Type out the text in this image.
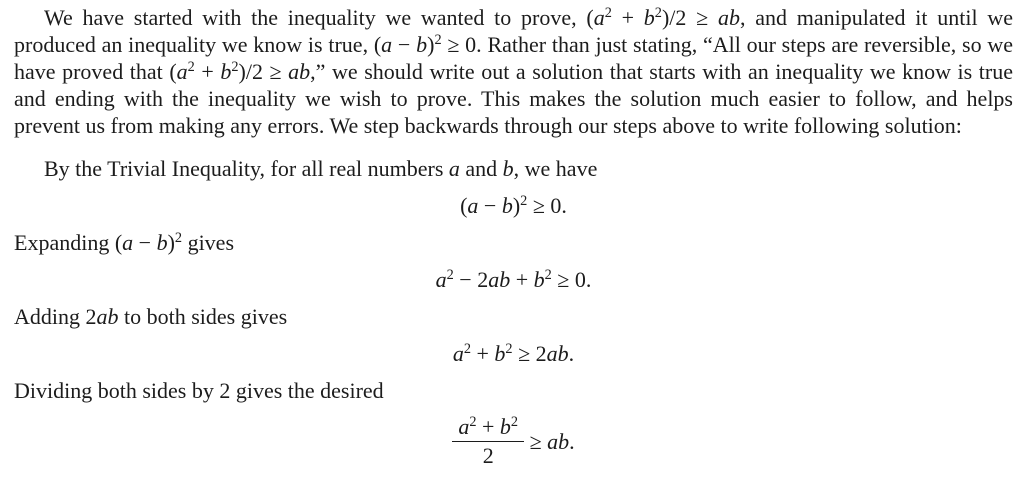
We have started with the inequality we wanted to prove, $(a^2 + b^2)/2$ ≥ ab, and manipulated it until we produced an inequality we know is true, $(a - b)^2 \ge 0$. Rather than just stating, “All our steps are reversible, so we have proved that $(a^2 + b^2)/2$ ≥ ab,” we should write out a solution that starts with an inequality we know is true and ending with the inequality we wish to prove. This makes the solution much easier to follow, and helps prevent us from making any errors. We step backwards through our steps above to write following solution:

By the Trivial Inequality, for all real numbers a and b, we have

$(a - b)^2 \ge 0$.

Expanding $(a - b)^2$ gives

$a^2 - 2ab + b^2 \ge 0$.

Adding 2ab to both sides gives

$a^2 + b^2 \ge 2ab$.

Dividing both sides by 2 gives the desired

$\frac{a^2 + b^2}{2}$ ≥ ab.
